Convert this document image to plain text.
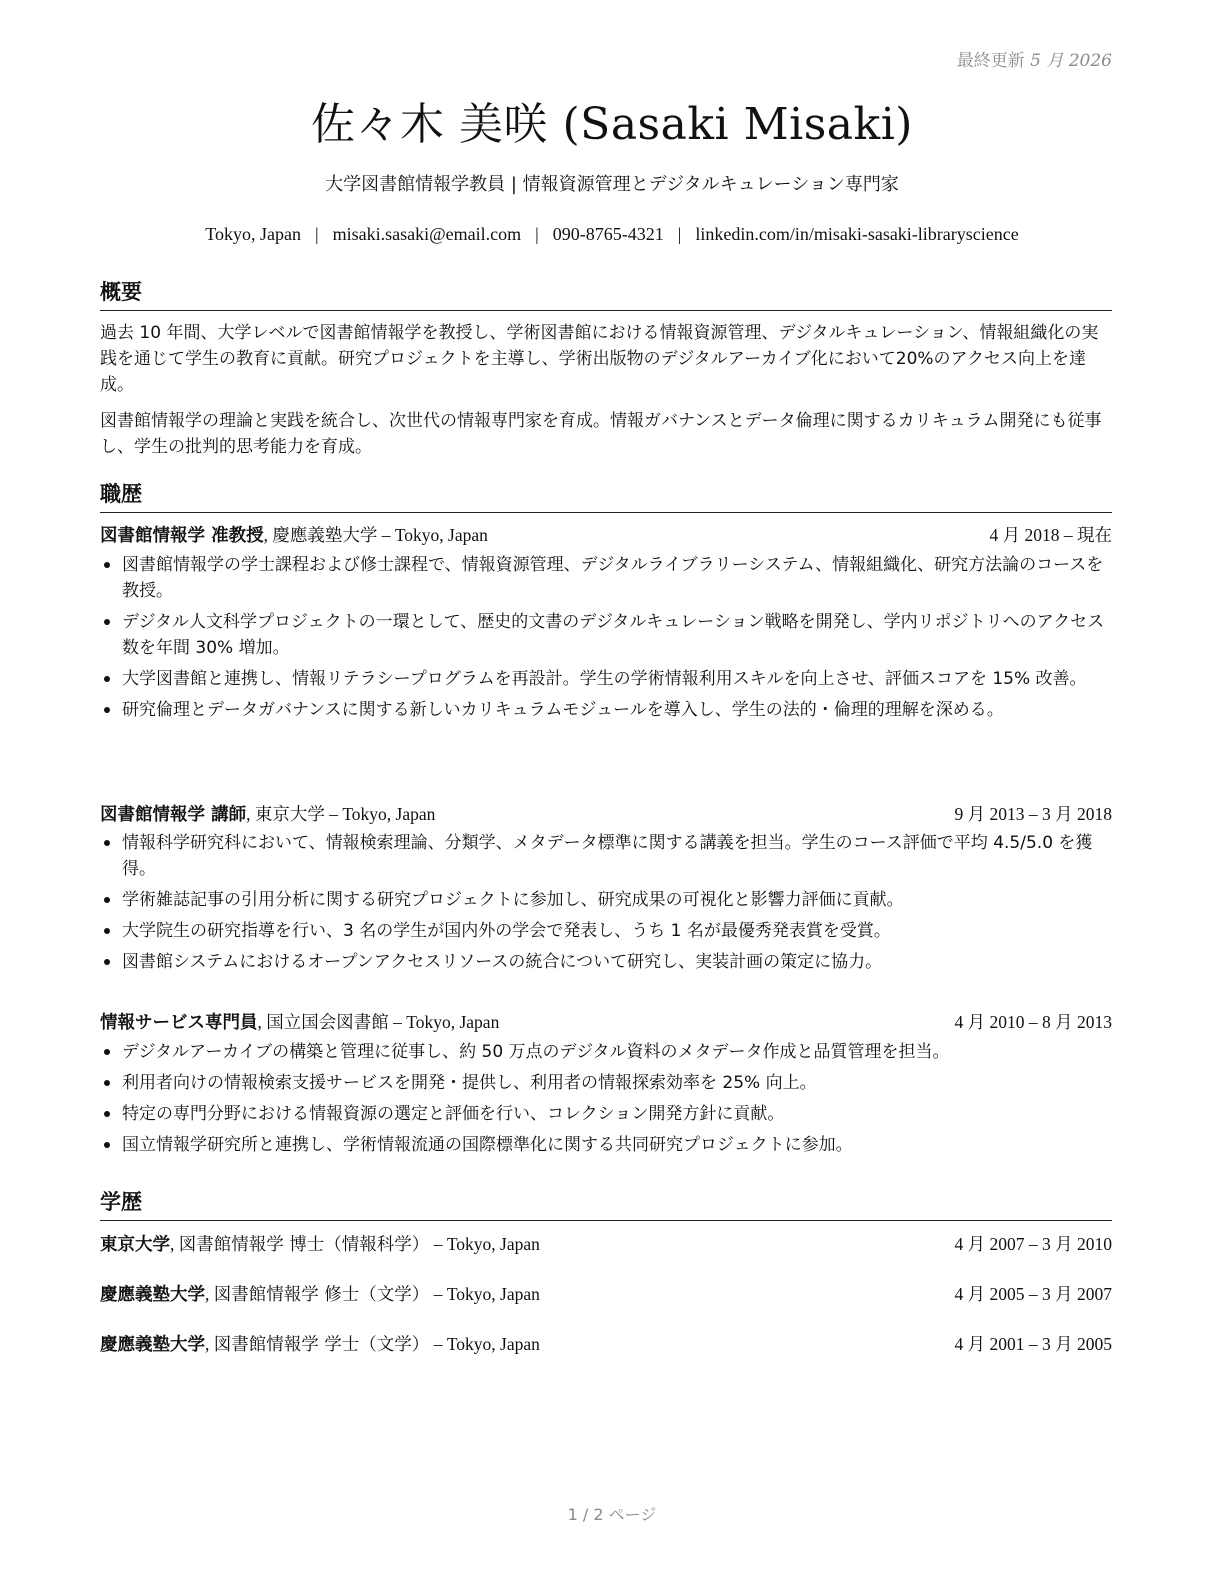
最終更新 5 月 2026
佐々木 美咲 (Sasaki Misaki)
大学図書館情報学教員 | 情報資源管理とデジタルキュレーション専門家
Tokyo, Japan | misaki.sasaki@email.com | 090-8765-4321 | linkedin.com/in/misaki-sasaki-libraryscience
概要
過去 10 年間、大学レベルで図書館情報学を教授し、学術図書館における情報資源管理、デジタルキュレーション、情報組織化の実践を通じて学生の教育に貢献。研究プロジェクトを主導し、学術出版物のデジタルアーカイブ化において20%のアクセス向上を達成。
図書館情報学の理論と実践を統合し、次世代の情報専門家を育成。情報ガバナンスとデータ倫理に関するカリキュラム開発にも従事し、学生の批判的思考能力を育成。
職歴
図書館情報学 准教授, 慶應義塾大学 – Tokyo, Japan	4 月 2018 – 現在
図書館情報学の学士課程および修士課程で、情報資源管理、デジタルライブラリーシステム、情報組織化、研究方法論のコースを教授。
デジタル人文科学プロジェクトの一環として、歴史的文書のデジタルキュレーション戦略を開発し、学内リポジトリへのアクセス数を年間 30% 増加。
大学図書館と連携し、情報リテラシープログラムを再設計。学生の学術情報利用スキルを向上させ、評価スコアを 15% 改善。
研究倫理とデータガバナンスに関する新しいカリキュラムモジュールを導入し、学生の法的・倫理的理解を深める。
図書館情報学 講師, 東京大学 – Tokyo, Japan	9 月 2013 – 3 月 2018
情報科学研究科において、情報検索理論、分類学、メタデータ標準に関する講義を担当。学生のコース評価で平均 4.5/5.0 を獲得。
学術雑誌記事の引用分析に関する研究プロジェクトに参加し、研究成果の可視化と影響力評価に貢献。
大学院生の研究指導を行い、3 名の学生が国内外の学会で発表し、うち 1 名が最優秀発表賞を受賞。
図書館システムにおけるオープンアクセスリソースの統合について研究し、実装計画の策定に協力。
情報サービス専門員, 国立国会図書館 – Tokyo, Japan	4 月 2010 – 8 月 2013
デジタルアーカイブの構築と管理に従事し、約 50 万点のデジタル資料のメタデータ作成と品質管理を担当。
利用者向けの情報検索支援サービスを開発・提供し、利用者の情報探索効率を 25% 向上。
特定の専門分野における情報資源の選定と評価を行い、コレクション開発方針に貢献。
国立情報学研究所と連携し、学術情報流通の国際標準化に関する共同研究プロジェクトに参加。
学歴
東京大学, 図書館情報学 博士（情報科学） – Tokyo, Japan	4 月 2007 – 3 月 2010
慶應義塾大学, 図書館情報学 修士（文学） – Tokyo, Japan	4 月 2005 – 3 月 2007
慶應義塾大学, 図書館情報学 学士（文学） – Tokyo, Japan	4 月 2001 – 3 月 2005
1 / 2 ページ
